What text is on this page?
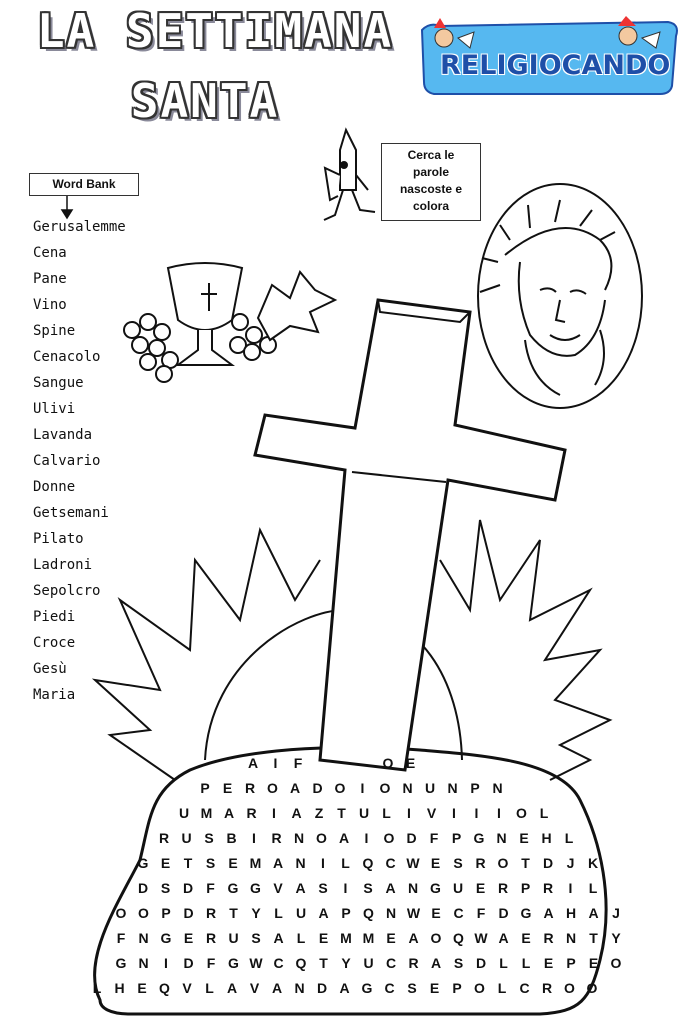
LA SETTIMANA
SANTA
RELIGIOCANDO
Word Bank
Gerusalemme
Cena
Pane
Vino
Spine
Cenacolo
Sangue
Ulivi
Lavanda
Calvario
Donne
Getsemani
Pilato
Ladroni
Sepolcro
Piedi
Croce
Gesù
Maria
Cerca le
parole
nascoste e
colora
A	I	F	O E
P E R O A D O	I	O N U N P N
U M A R	I	A Z T U L	I	V	I	I	I	O L
R U S B	I	R N O A	I	O D F P G N E H L
G E T S E M A N	I	L Q C W E S R O T D J K
D S D F G G V A S	I	S A N G U E R P R	I	L
O O P D R T Y L U A P Q N W E C F D G A H A J
F N G E R U S A L E M M E A O Q W A E R N T Y
G N	I	D F G W C Q T Y U C R A S D L L E P E O
L H E Q V L A V A N D A G C S E P O L C R O O
